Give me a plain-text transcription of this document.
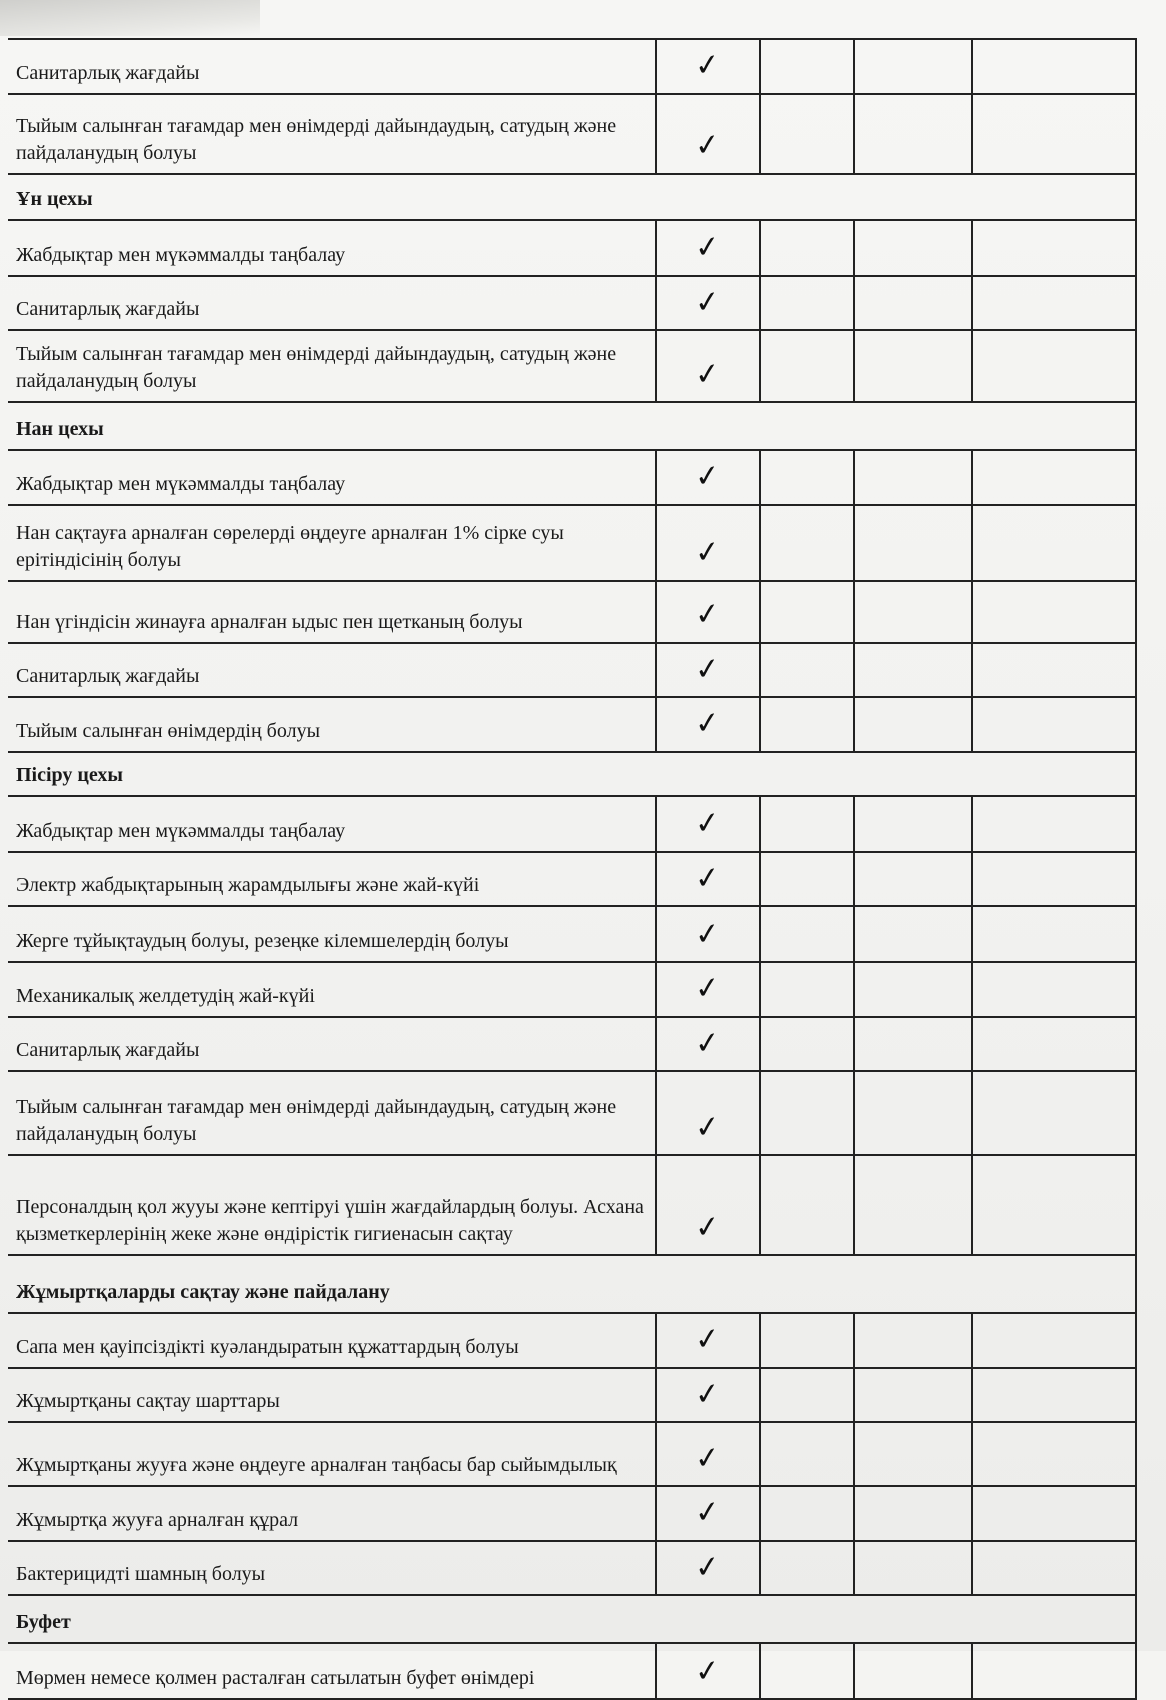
Санитарлық жағдайы	✓			
Тыйым салынған тағамдар мен өнімдерді дайындаудың, сатудың және пайдаланудың болуы	✓			
Ұн цехы				
Жабдықтар мен мүкәммалды таңбалау	✓			
Санитарлық жағдайы	✓			
Тыйым салынған тағамдар мен өнімдерді дайындаудың, сатудың және пайдаланудың болуы	✓			
Нан цехы				
Жабдықтар мен мүкәммалды таңбалау	✓			
Нан сақтауға арналған сөрелерді өңдеуге арналған 1% сірке суы ерітіндісінің болуы	✓			
Нан үгіндісін жинауға арналған ыдыс пен щетканың болуы	✓			
Санитарлық жағдайы	✓			
Тыйым салынған өнімдердің болуы	✓			
Пісіру цехы				
Жабдықтар мен мүкәммалды таңбалау	✓			
Электр жабдықтарының жарамдылығы және жай-күйі	✓			
Жерге тұйықтаудың болуы, резеңке кілемшелердің болуы	✓			
Механикалық желдетудің жай-күйі	✓			
Санитарлық жағдайы	✓			
Тыйым салынған тағамдар мен өнімдерді дайындаудың, сатудың және пайдаланудың болуы	✓			
Персоналдың қол жууы және кептіруі үшін жағдайлардың болуы. Асхана қызметкерлерінің жеке және өндірістік гигиенасын сақтау	✓			
Жұмыртқаларды сақтау және пайдалану				
Сапа мен қауіпсіздікті куәландыратын құжаттардың болуы	✓			
Жұмыртқаны сақтау шарттары	✓			
Жұмыртқаны жууға және өңдеуге арналған таңбасы бар сыйымдылық	✓			
Жұмыртқа жууға арналған құрал	✓			
Бактерицидті шамның болуы	✓			
Буфет				
Мөрмен немесе қолмен расталған сатылатын буфет өнімдері	✓			
